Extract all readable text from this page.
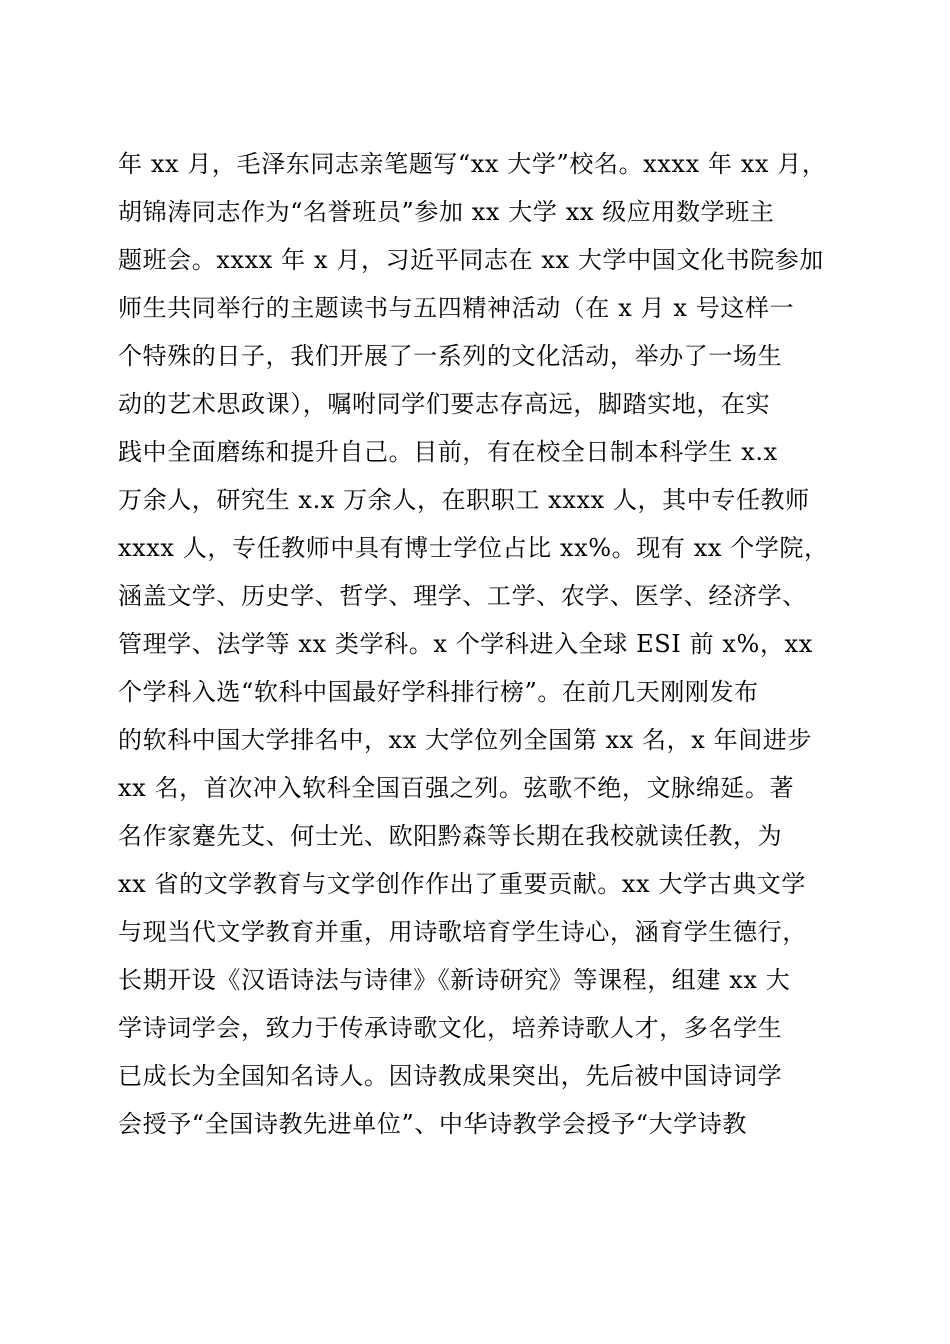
年 xx 月，毛泽东同志亲笔题写“xx 大学”校名。xxxx 年 xx 月，
胡锦涛同志作为“名誉班员”参加 xx 大学 xx 级应用数学班主
题班会。xxxx 年 x 月，习近平同志在 xx 大学中国文化书院参加
师生共同举行的主题读书与五四精神活动（在 x 月 x 号这样一
个特殊的日子，我们开展了一系列的文化活动，举办了一场生
动的艺术思政课），嘱咐同学们要志存高远，脚踏实地，在实
践中全面磨练和提升自己。目前，有在校全日制本科学生 x.x
万余人，研究生 x.x 万余人，在职职工 xxxx 人，其中专任教师
xxxx 人，专任教师中具有博士学位占比 xx%。现有 xx 个学院，
涵盖文学、历史学、哲学、理学、工学、农学、医学、经济学、
管理学、法学等 xx 类学科。x 个学科进入全球 ESI 前 x%，xx
个学科入选“软科中国最好学科排行榜”。在前几天刚刚发布
的软科中国大学排名中，xx 大学位列全国第 xx 名，x 年间进步
xx 名，首次冲入软科全国百强之列。弦歌不绝，文脉绵延。著
名作家蹇先艾、何士光、欧阳黔森等长期在我校就读任教，为
xx 省的文学教育与文学创作作出了重要贡献。xx 大学古典文学
与现当代文学教育并重，用诗歌培育学生诗心，涵育学生德行，
长期开设《汉语诗法与诗律》《新诗研究》等课程，组建 xx 大
学诗词学会，致力于传承诗歌文化，培养诗歌人才，多名学生
已成长为全国知名诗人。因诗教成果突出，先后被中国诗词学
会授予“全国诗教先进单位”、中华诗教学会授予“大学诗教
